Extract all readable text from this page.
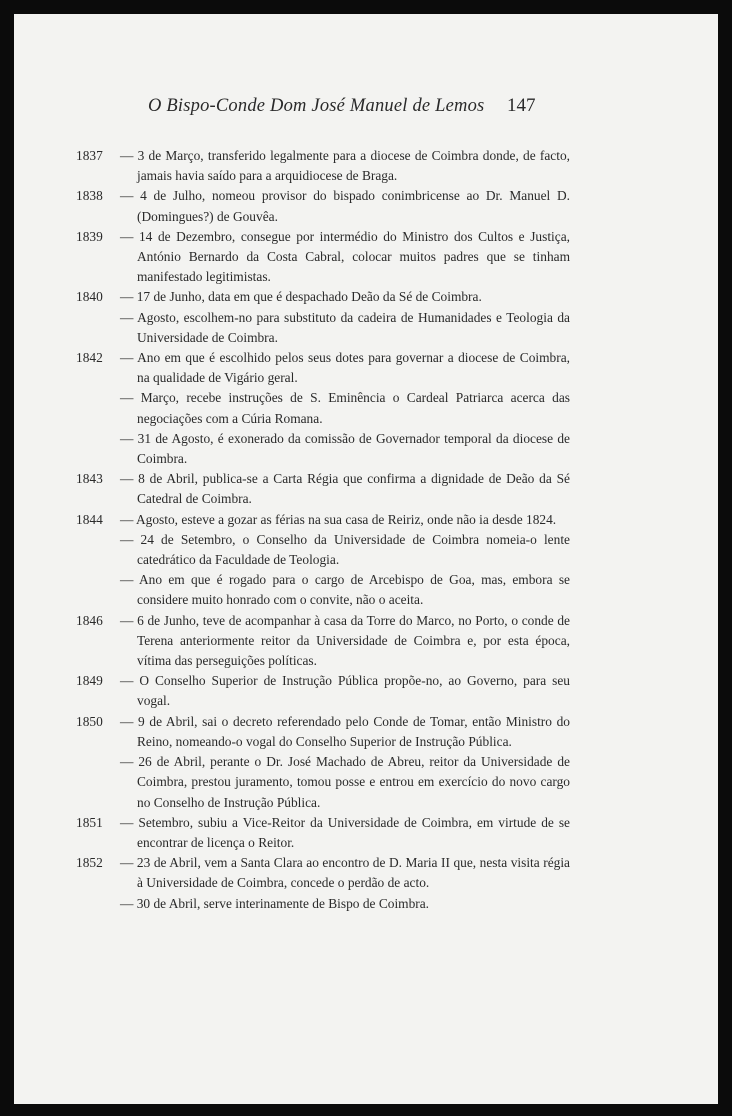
O Bispo-Conde Dom José Manuel de Lemos 147
1837 — 3 de Março, transferido legalmente para a diocese de Coimbra donde, de facto, jamais havia saído para a arquidiocese de Braga.
1838 — 4 de Julho, nomeou provisor do bispado conimbricense ao Dr. Manuel D. (Domingues?) de Gouvêa.
1839 — 14 de Dezembro, consegue por intermédio do Ministro dos Cultos e Justiça, António Bernardo da Costa Cabral, colocar muitos padres que se tinham manifestado legitimistas.
1840 — 17 de Junho, data em que é despachado Deão da Sé de Coimbra.
— Agosto, escolhem-no para substituto da cadeira de Humanidades e Teologia da Universidade de Coimbra.
1842 — Ano em que é escolhido pelos seus dotes para governar a diocese de Coimbra, na qualidade de Vigário geral.
— Março, recebe instruções de S. Eminência o Cardeal Patriarca acerca das negociações com a Cúria Romana.
— 31 de Agosto, é exonerado da comissão de Governador temporal da diocese de Coimbra.
1843 — 8 de Abril, publica-se a Carta Régia que confirma a dignidade de Deão da Sé Catedral de Coimbra.
1844 — Agosto, esteve a gozar as férias na sua casa de Reiriz, onde não ia desde 1824.
— 24 de Setembro, o Conselho da Universidade de Coimbra nomeia-o lente catedrático da Faculdade de Teologia.
— Ano em que é rogado para o cargo de Arcebispo de Goa, mas, embora se considere muito honrado com o convite, não o aceita.
1846 — 6 de Junho, teve de acompanhar à casa da Torre do Marco, no Porto, o conde de Terena anteriormente reitor da Universidade de Coimbra e, por esta época, vítima das perseguições políticas.
1849 — O Conselho Superior de Instrução Pública propõe-no, ao Governo, para seu vogal.
1850 — 9 de Abril, sai o decreto referendado pelo Conde de Tomar, então Ministro do Reino, nomeando-o vogal do Conselho Superior de Instrução Pública.
— 26 de Abril, perante o Dr. José Machado de Abreu, reitor da Universidade de Coimbra, prestou juramento, tomou posse e entrou em exercício do novo cargo no Conselho de Instrução Pública.
1851 — Setembro, subiu a Vice-Reitor da Universidade de Coimbra, em virtude de se encontrar de licença o Reitor.
1852 — 23 de Abril, vem a Santa Clara ao encontro de D. Maria II que, nesta visita régia à Universidade de Coimbra, concede o perdão de acto.
— 30 de Abril, serve interinamente de Bispo de Coimbra.
